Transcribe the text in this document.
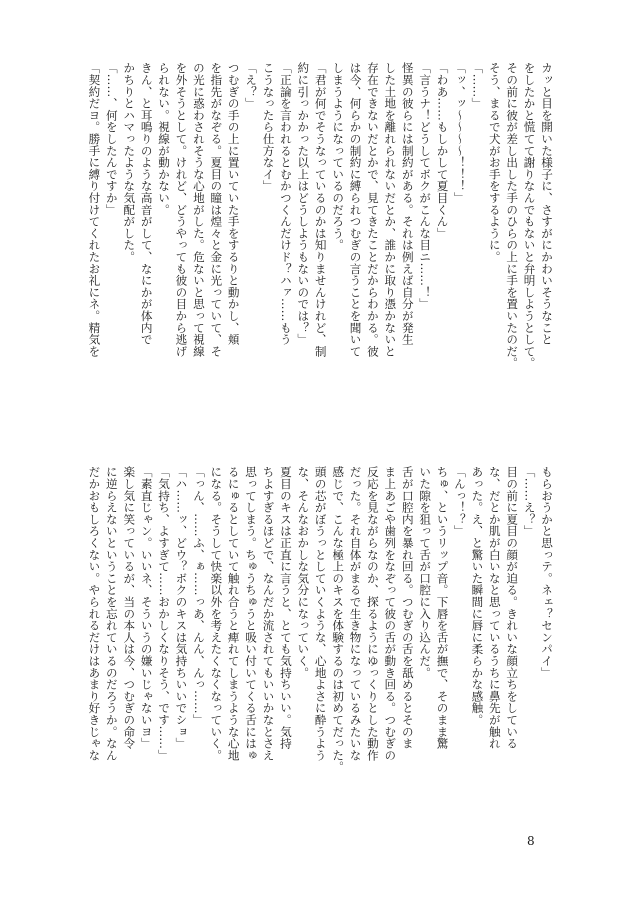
カッと目を開いた様子に、さすがにかわいそうなこと
をしたかと慌てて謝りなんでもないと弁明しようとして。
その前に彼が差し出した手のひらの上に手を置いたのだ。
そう、まるで犬がお手をするように。
「……」
「ッ、ッ〜〜〜〜！！！」
「わあ……もしかして夏目くん」
「言うナ！どうしてボクがこんな目ニ……！」
怪異の彼らには制約がある。それは例えば自分が発生
した土地を離れられないだとか、誰かに取り憑かないと
存在できないだとかで、見てきたことだからわかる。彼
は今、何らかの制約に縛られつむぎの言うことを聞いて
しまうようになっているのだろう。
「君が何でそうなっているのかは知りませんけれど、制
約に引っかかった以上はどうしようもないのでは？」
「正論を言われるとむかつくんだけド？ハァ……もう
こうなったら仕方なイ」
「え？」
つむぎの手の上に置いていた手をするりと動かし、頬
を指先がなぞる。夏目の瞳は煌々と金に光っていて、そ
の光に惑わされそうな心地がした。危ないと思って視線
を外そうとして。けれど、どうやっても彼の目から逃げ
られない。視線が動かない。
きん、と耳鳴りのような高音がして、なにかが体内で
かちりとハマったような気配がした。
「……、何をしたんですか」
「契約だヨ。勝手に縛り付けてくれたお礼にネ。精気を
もらおうかと思っテ。ネェ？センパイ」
「……え？」
目の前に夏目の顔が迫る。きれいな顔立ちをしている
な、だとか肌が白いなと思っているうちに鼻先が触れ
あった。え、と驚いた瞬間に唇に柔らかな感触。
「んっ！？」
ちゅ、というリップ音。下唇を舌が撫で、そのまま驚
いた隙を狙って舌が口腔に入り込んだ。
舌が口腔内を暴れ回る。つむぎの舌を舐めるとそのま
ま上あごや歯列をなぞって彼の舌が動き回る。つむぎの
反応を見ながらなのか、探るようにゆっくりとした動作
だった。それ自体がまるで生き物になっているみたいな
感じで、こんな極上のキスを体験するのは初めてだった。
頭の芯がぼうっとしていくような、心地よさに酔うよう
な、そんなおかしな気分になっていく。
夏目のキスは正直に言うと、とても気持ちいい。気持
ちよすぎるほどで、なんだか流されてもいいかなとさえ
思ってしまう。ちゅうちゅうと吸い付いてくる舌にはゅ
るにゅるとしていて触れ合うと痺れてしまうような心地
になる。そうして快楽以外を考えたくなくなっていく。
「っん、……ふ、ぁ……っあ、んん、んっ……」
「ハ……ッ、どウ？ボクのキスは気持ちいいでショ」
「気持ち、よすぎて……おかしくなりそう、です……」
「素直じゃン。いいネ、そういうの嫌いじゃないヨ」
楽し気に笑っているが、当の本人は今、つむぎの命令
に逆らえないということを忘れているのだろうか。なん
だかおもしろくない。やられるだけはあまり好きじゃな
8
